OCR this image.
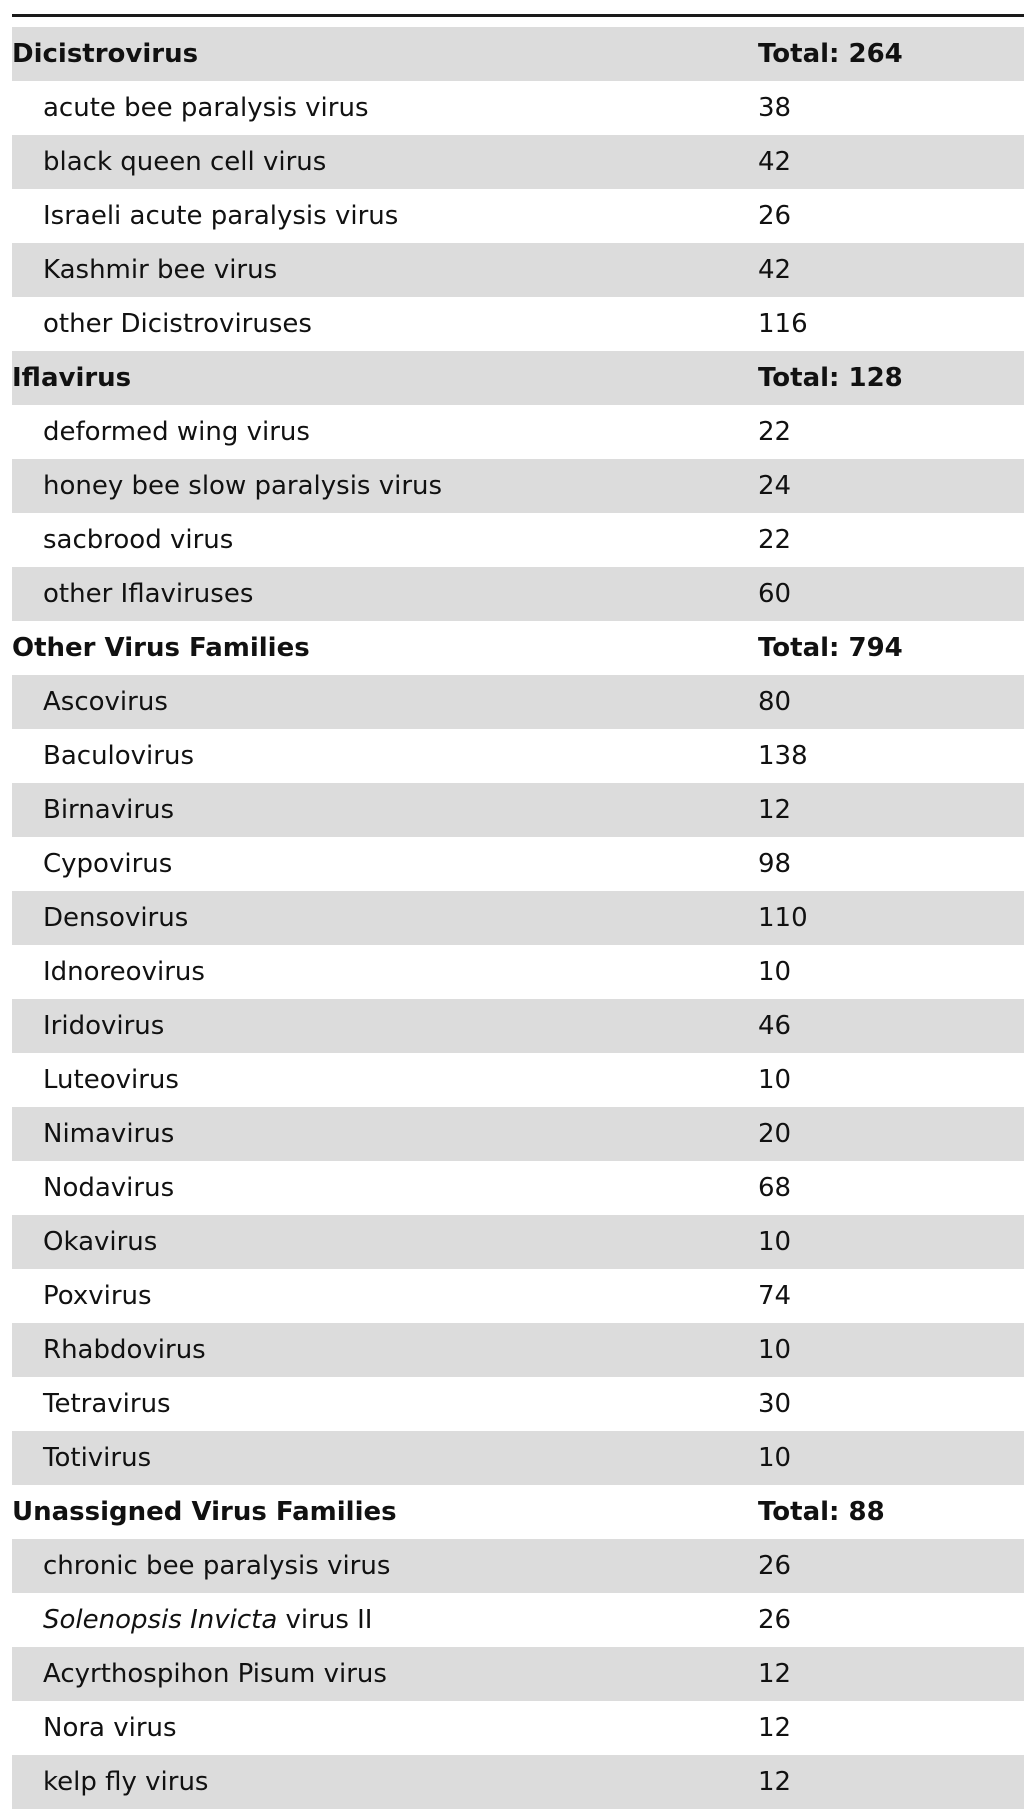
Dicistrovirus	Total: 264
acute bee paralysis virus	38
black queen cell virus	42
Israeli acute paralysis virus	26
Kashmir bee virus	42
other Dicistroviruses	116
Iflavirus	Total: 128
deformed wing virus	22
honey bee slow paralysis virus	24
sacbrood virus	22
other Iflaviruses	60
Other Virus Families	Total: 794
Ascovirus	80
Baculovirus	138
Birnavirus	12
Cypovirus	98
Densovirus	110
Idnoreovirus	10
Iridovirus	46
Luteovirus	10
Nimavirus	20
Nodavirus	68
Okavirus	10
Poxvirus	74
Rhabdovirus	10
Tetravirus	30
Totivirus	10
Unassigned Virus Families	Total: 88
chronic bee paralysis virus	26
Solenopsis Invicta virus II	26
Acyrthospihon Pisum virus	12
Nora virus	12
kelp fly virus	12
